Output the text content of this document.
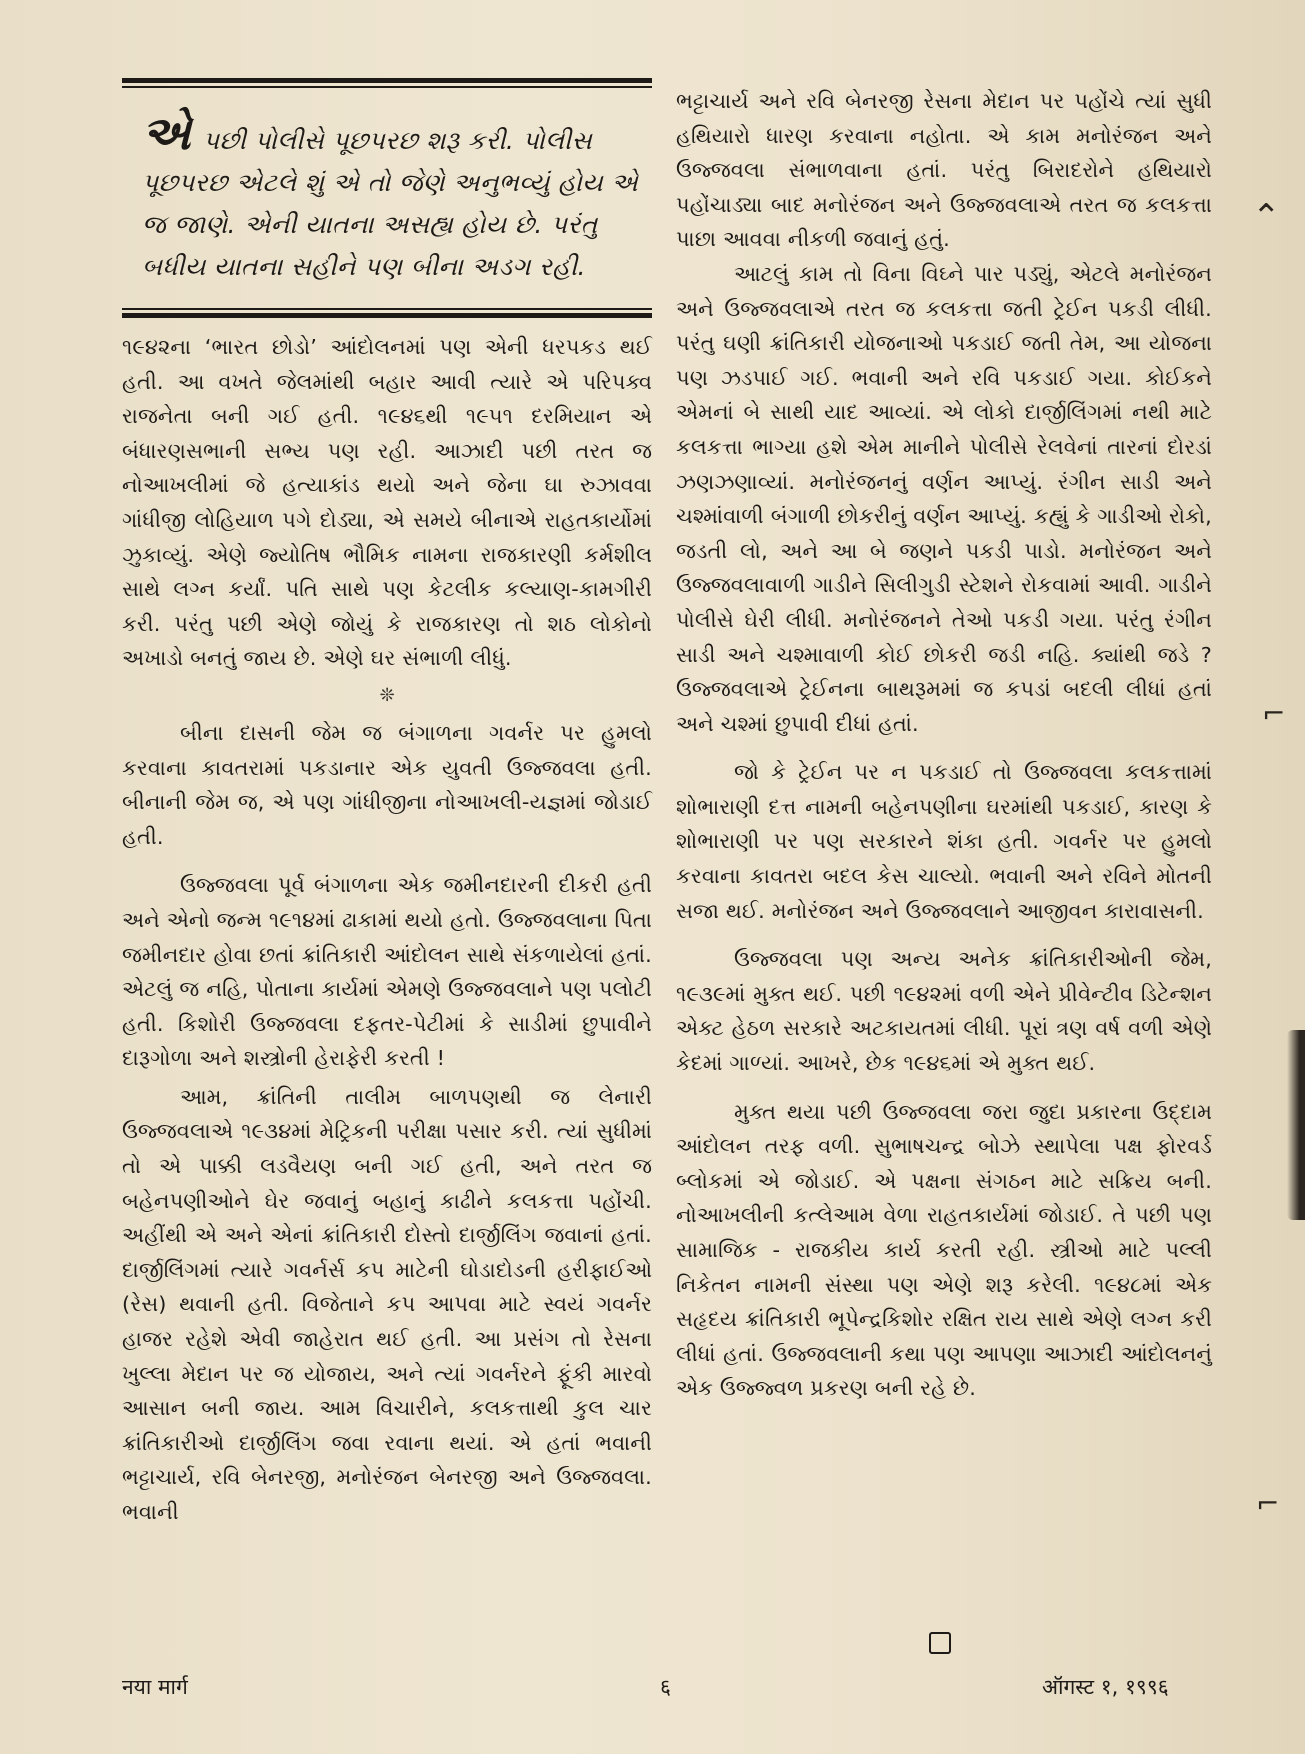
⌃
⌐
⌐
એપછી પોલીસે પૂછપરછ શરૂ કરી. પોલીસ પૂછપરછ એટલે શું એ તો જેણે અનુભવ્યું હોય એ જ જાણે. એની યાતના અસહ્ય હોય છે. પરંતુ બધીય યાતના સહીને પણ બીના અડગ રહી.

૧૯૪૨ના ‘ભારત છોડો’ આંદોલનમાં પણ એની ધરપકડ થઈ હતી. આ વખતે જેલમાંથી બહાર આવી ત્યારે એ પરિપક્વ રાજનેતા બની ગઈ હતી. ૧૯૪૬થી ૧૯૫૧ દરમિયાન એ બંધારણસભાની સભ્ય પણ રહી. આઝાદી પછી તરત જ નોઆખલીમાં જે હત્યાકાંડ થયો અને જેના ઘા રુઝાવવા ગાંધીજી લોહિયાળ પગે દોડ્યા, એ સમયે બીનાએ રાહતકાર્યોમાં ઝુકાવ્યું. એણે જ્યોતિષ ભૌમિક નામના રાજકારણી કર્મશીલ સાથે લગ્ન કર્યાં. પતિ સાથે પણ કેટલીક કલ્યાણ-કામગીરી કરી. પરંતુ પછી એણે જોયું કે રાજકારણ તો શઠ લોકોનો અખાડો બનતું જાય છે. એણે ઘર સંભાળી લીધું.

❊

બીના દાસની જેમ જ બંગાળના ગવર્નર પર હુમલો કરવાના કાવતરામાં પકડાનાર એક યુવતી ઉજ્જવલા હતી. બીનાની જેમ જ, એ પણ ગાંધીજીના નોઆખલી-યજ્ઞમાં જોડાઈ હતી.

ઉજ્જવલા પૂર્વ બંગાળના એક જમીનદારની દીકરી હતી અને એનો જન્મ ૧૯૧૪માં ઢાકામાં થયો હતો. ઉજ્જવલાના પિતા જમીનદાર હોવા છતાં ક્રાંતિકારી આંદોલન સાથે સંકળાયેલાં હતાં. એટલું જ નહિ, પોતાના કાર્યમાં એમણે ઉજ્જવલાને પણ પલોટી હતી. કિશોરી ઉજ્જવલા દફતર-પેટીમાં કે સાડીમાં છુપાવીને દારૂગોળા અને શસ્ત્રોની હેરાફેરી કરતી !

આમ, ક્રાંતિની તાલીમ બાળપણથી જ લેનારી ઉજ્જવલાએ ૧૯૩૪માં મેટ્રિકની પરીક્ષા પસાર કરી. ત્યાં સુધીમાં તો એ પાક્કી લડવૈયણ બની ગઈ હતી, અને તરત જ બહેનપણીઓને ઘેર જવાનું બહાનું કાઢીને કલકત્તા પહોંચી. અહીંથી એ અને એનાં ક્રાંતિકારી દોસ્તો દાર્જીલિંગ જવાનાં હતાં. દાર્જીલિંગમાં ત્યારે ગવર્નર્સ કપ માટેની ઘોડાદોડની હરીફાઈઓ (રેસ) થવાની હતી. વિજેતાને કપ આપવા માટે સ્વયં ગવર્નર હાજર રહેશે એવી જાહેરાત થઈ હતી. આ પ્રસંગ તો રેસના ખુલ્લા મેદાન પર જ યોજાય, અને ત્યાં ગવર્નરને ફૂંકી મારવો આસાન બની જાય. આમ વિચારીને, કલકત્તાથી કુલ ચાર ક્રાંતિકારીઓ દાર્જીલિંગ જવા રવાના થયાં. એ હતાં ભવાની ભટ્ટાચાર્ય, રવિ બેનરજી, મનોરંજન બેનરજી અને ઉજ્જવલા. ભવાની

ભટ્ટાચાર્ય અને રવિ બેનરજી રેસના મેદાન પર પહોંચે ત્યાં સુધી હથિયારો ધારણ કરવાના નહોતા. એ કામ મનોરંજન અને ઉજ્જવલા સંભાળવાના હતાં. પરંતુ બિરાદરોને હથિયારો પહોંચાડ્યા બાદ મનોરંજન અને ઉજ્જવલાએ તરત જ કલકત્તા પાછા આવવા નીકળી જવાનું હતું.

આટલું કામ તો વિના વિઘ્ને પાર પડ્યું, એટલે મનોરંજન અને ઉજ્જવલાએ તરત જ કલકત્તા જતી ટ્રેઈન પકડી લીધી. પરંતુ ઘણી ક્રાંતિકારી યોજનાઓ પકડાઈ જતી તેમ, આ યોજના પણ ઝડપાઈ ગઈ. ભવાની અને રવિ પકડાઈ ગયા. કોઈકને એમનાં બે સાથી યાદ આવ્યાં. એ લોકો દાર્જીલિંગમાં નથી માટે કલકત્તા ભાગ્યા હશે એમ માનીને પોલીસે રેલવેનાં તારનાં દોરડાં ઝણઝણાવ્યાં. મનોરંજનનું વર્ણન આપ્યું. રંગીન સાડી અને ચશ્માંવાળી બંગાળી છોકરીનું વર્ણન આપ્યું. કહ્યું કે ગાડીઓ રોકો, જડતી લો, અને આ બે જણને પકડી પાડો. મનોરંજન અને ઉજ્જવલાવાળી ગાડીને સિલીગુડી સ્ટેશને રોકવામાં આવી. ગાડીને પોલીસે ઘેરી લીધી. મનોરંજનને તેઓ પકડી ગયા. પરંતુ રંગીન સાડી અને ચશ્માવાળી કોઈ છોકરી જડી નહિ. ક્યાંથી જડે ? ઉજ્જવલાએ ટ્રેઈનના બાથરૂમમાં જ કપડાં બદલી લીધાં હતાં અને ચશ્માં છુપાવી દીધાં હતાં.

જો કે ટ્રેઈન પર ન પકડાઈ તો ઉજ્જવલા કલકત્તામાં શોભારાણી દત્ત નામની બહેનપણીના ઘરમાંથી પકડાઈ, કારણ કે શોભારાણી પર પણ સરકારને શંકા હતી. ગવર્નર પર હુમલો કરવાના કાવતરા બદલ કેસ ચાલ્યો. ભવાની અને રવિને મોતની સજા થઈ. મનોરંજન અને ઉજ્જવલાને આજીવન કારાવાસની.

ઉજ્જવલા પણ અન્ય અનેક ક્રાંતિકારીઓની જેમ, ૧૯૩૯માં મુક્ત થઈ. પછી ૧૯૪૨માં વળી એને પ્રીવેન્ટીવ ડિટેન્શન એક્ટ હેઠળ સરકારે અટકાયતમાં લીધી. પૂરાં ત્રણ વર્ષ વળી એણે કેદમાં ગાળ્યાં. આખરે, છેક ૧૯૪૬માં એ મુક્ત થઈ.

મુક્ત થયા પછી ઉજ્જવલા જરા જુદા પ્રકારના ઉદ્દામ આંદોલન તરફ વળી. સુભાષચન્દ્ર બોઝે સ્થાપેલા પક્ષ ફોરવર્ડ બ્લોકમાં એ જોડાઈ. એ પક્ષના સંગઠન માટે સક્રિય બની. નોઆખલીની કત્લેઆમ વેળા રાહતકાર્યમાં જોડાઈ. તે પછી પણ સામાજિક - રાજકીય કાર્ય કરતી રહી. સ્ત્રીઓ માટે પલ્લી નિકેતન નામની સંસ્થા પણ એણે શરૂ કરેલી. ૧૯૪૮માં એક સહૃદય ક્રાંતિકારી ભૂપેન્દ્રકિશોર રક્ષિત રાય સાથે એણે લગ્ન કરી લીધાં હતાં. ઉજ્જવલાની કથા પણ આપણા આઝાદી આંદોલનનું એક ઉજ્જ્વળ પ્રકરણ બની રહે છે.

नया मार्ग	६	ऑगस्ट १, १९९६
